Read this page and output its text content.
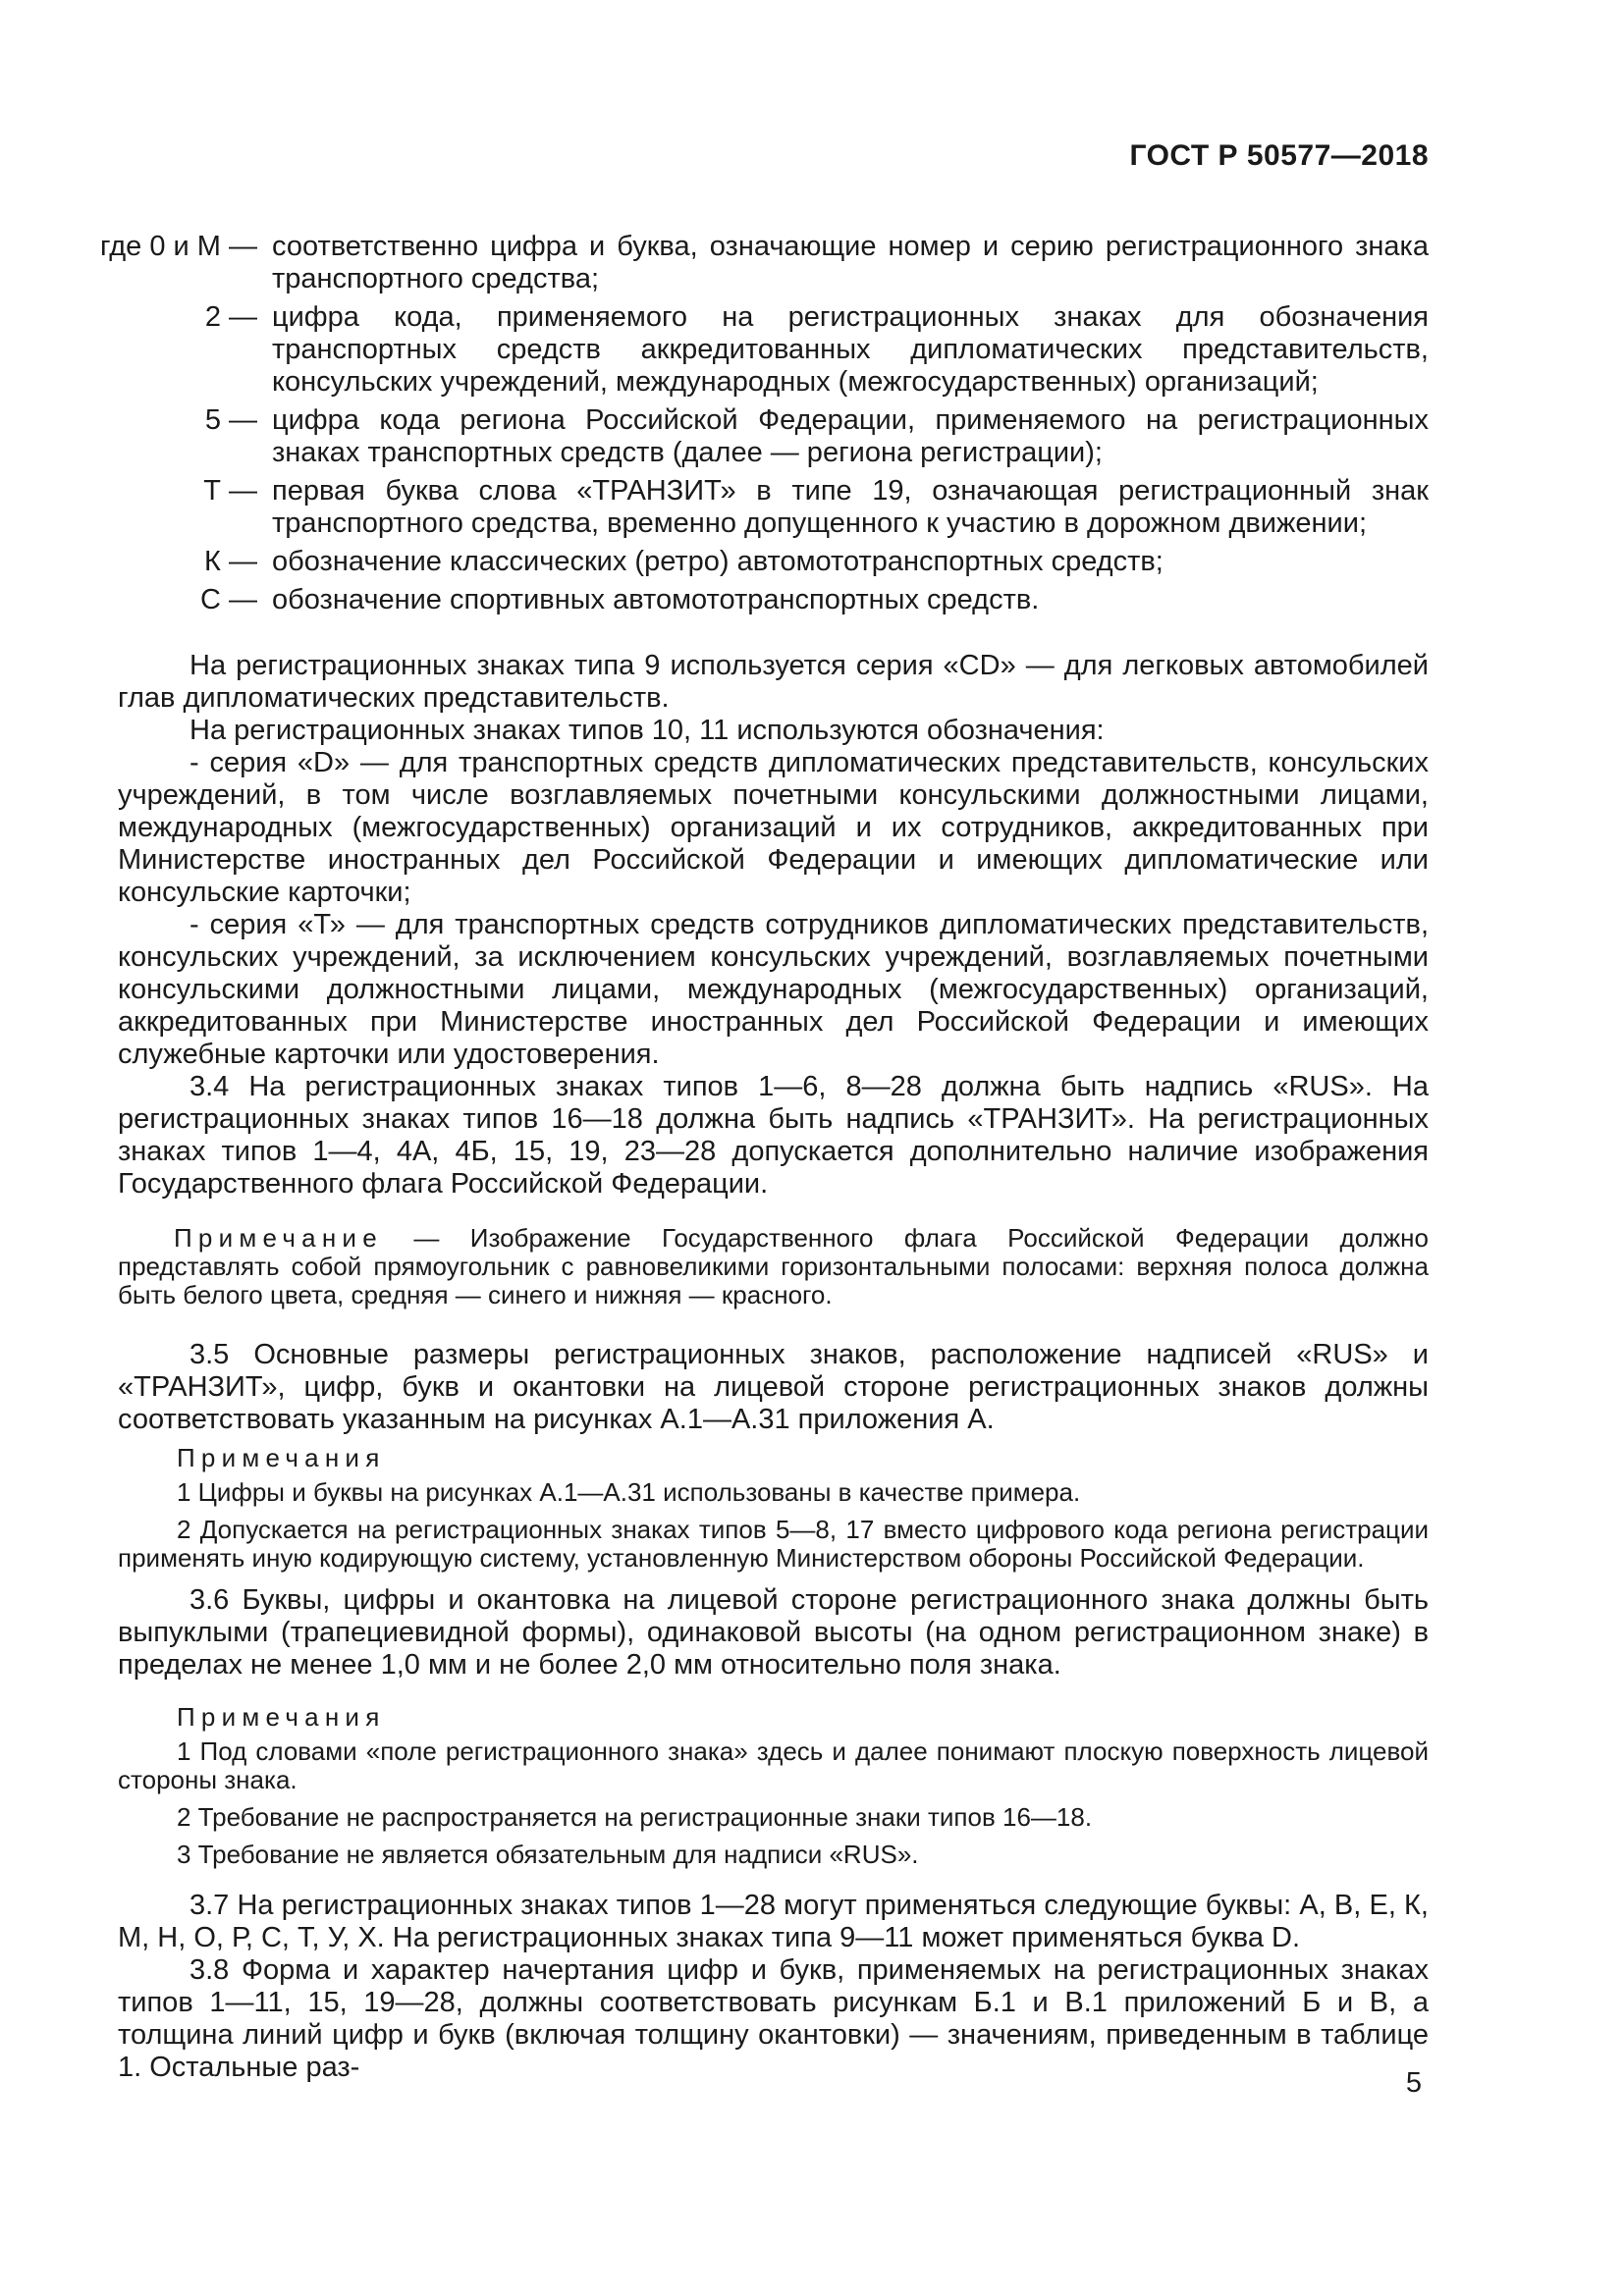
ГОСТ Р 50577—2018
где 0 и М — соответственно цифра и буква, означающие номер и серию регистрационного знака транспортного средства;
2 — цифра кода, применяемого на регистрационных знаках для обозначения транспортных средств аккредитованных дипломатических представительств, консульских учреждений, международных (межгосударственных) организаций;
5 — цифра кода региона Российской Федерации, применяемого на регистрационных знаках транспортных средств (далее — региона регистрации);
Т — первая буква слова «ТРАНЗИТ» в типе 19, означающая регистрационный знак транспортного средства, временно допущенного к участию в дорожном движении;
К — обозначение классических (ретро) автомототранспортных средств;
С — обозначение спортивных автомототранспортных средств.

На регистрационных знаках типа 9 используется серия «CD» — для легковых автомобилей глав дипломатических представительств.

На регистрационных знаках типов 10, 11 используются обозначения:

- серия «D» — для транспортных средств дипломатических представительств, консульских учреждений, в том числе возглавляемых почетными консульскими должностными лицами, международных (межгосударственных) организаций и их сотрудников, аккредитованных при Министерстве иностранных дел Российской Федерации и имеющих дипломатические или консульские карточки;

- серия «Т» — для транспортных средств сотрудников дипломатических представительств, консульских учреждений, за исключением консульских учреждений, возглавляемых почетными консульскими должностными лицами, международных (межгосударственных) организаций, аккредитованных при Министерстве иностранных дел Российской Федерации и имеющих служебные карточки или удостоверения.

3.4 На регистрационных знаках типов 1—6, 8—28 должна быть надпись «RUS». На регистрационных знаках типов 16—18 должна быть надпись «ТРАНЗИТ». На регистрационных знаках типов 1—4, 4А, 4Б, 15, 19, 23—28 допускается дополнительно наличие изображения Государственного флага Российской Федерации.

Примечание — Изображение Государственного флага Российской Федерации должно представлять собой прямоугольник с равновеликими горизонтальными полосами: верхняя полоса должна быть белого цвета, средняя — синего и нижняя — красного.

3.5 Основные размеры регистрационных знаков, расположение надписей «RUS» и «ТРАНЗИТ», цифр, букв и окантовки на лицевой стороне регистрационных знаков должны соответствовать указанным на рисунках А.1—А.31 приложения А.

Примечания
1 Цифры и буквы на рисунках А.1—А.31 использованы в качестве примера.
2 Допускается на регистрационных знаках типов 5—8, 17 вместо цифрового кода региона регистрации применять иную кодирующую систему, установленную Министерством обороны Российской Федерации.

3.6 Буквы, цифры и окантовка на лицевой стороне регистрационного знака должны быть выпуклыми (трапециевидной формы), одинаковой высоты (на одном регистрационном знаке) в пределах не менее 1,0 мм и не более 2,0 мм относительно поля знака.

Примечания
1 Под словами «поле регистрационного знака» здесь и далее понимают плоскую поверхность лицевой стороны знака.
2 Требование не распространяется на регистрационные знаки типов 16—18.
3 Требование не является обязательным для надписи «RUS».

3.7 На регистрационных знаках типов 1—28 могут применяться следующие буквы: А, В, Е, К, М, Н, О, Р, С, Т, У, Х. На регистрационных знаках типа 9—11 может применяться буква D.

3.8 Форма и характер начертания цифр и букв, применяемых на регистрационных знаках типов 1—11, 15, 19—28, должны соответствовать рисункам Б.1 и В.1 приложений Б и В, а толщина линий цифр и букв (включая толщину окантовки) — значениям, приведенным в таблице 1. Остальные раз-	5
